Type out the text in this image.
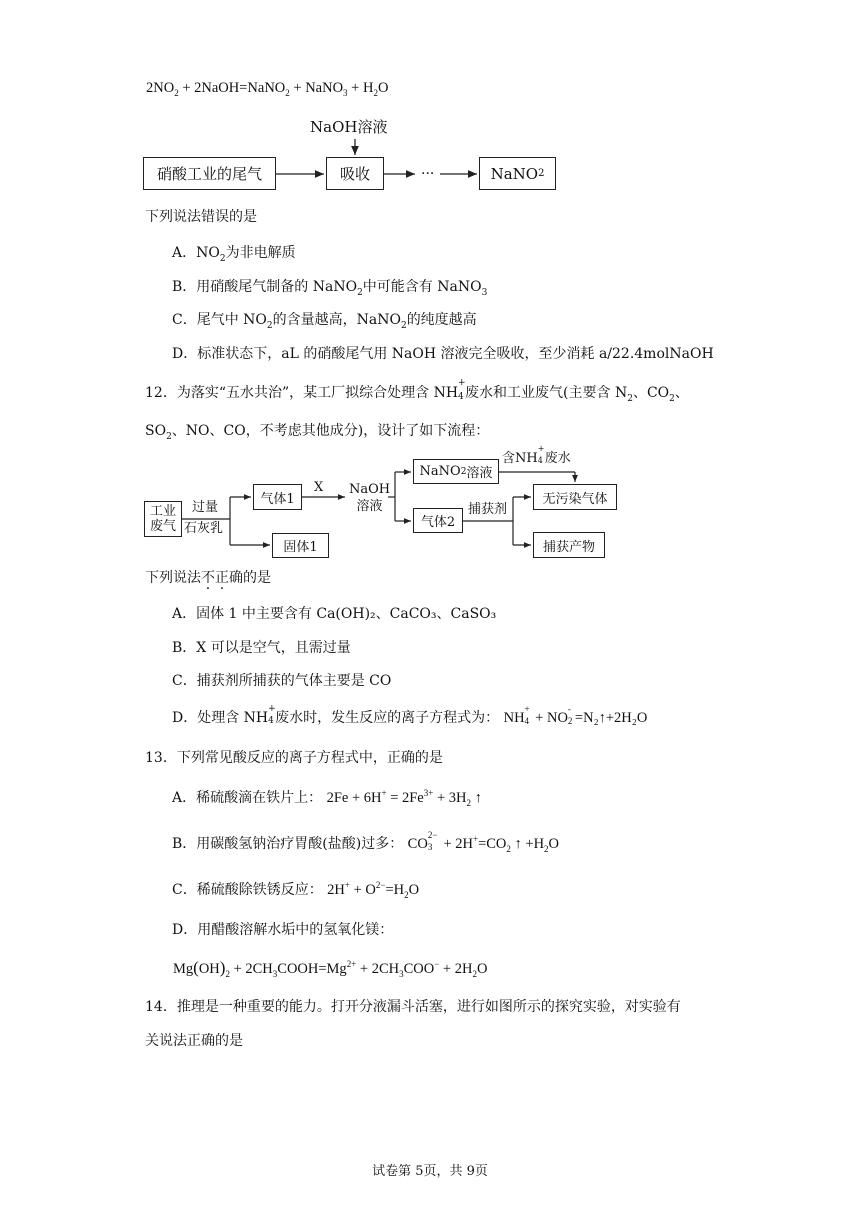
$2NO_2$ + 2NaOH=NaNO$_2$ + NaNO$_3$ + $H_2O$
硝酸工业的尾气
NaOH溶液
吸收	···	NaNO 2
下列说法错误的是
A．$NO_2$为非电解质
B．用硝酸尾气制备的 NaNO$_2$中可能含有 NaNO$_3$
C．尾气中 $NO_2$的含量越高，NaNO$_2$的纯度越高
D．标准状态下，aL 的硝酸尾气用 NaOH 溶液完全吸收，至少消耗 a/22.4molNaOH
12．为落实“五水共治”，某工厂拟综合处理含 NH
+
4 废水和工业废气(主要含 $N_2$、$CO_2$、
$SO_2$、NO、CO，不考虑其他成分)，设计了如下流程：
工业
废气
过量
石灰乳
气体1
固体1
X NaOH
溶液
NaNO 2 溶液
含NH
+
4 废水
气体2
捕获剂
无污染气体
捕获产物
下列说法不正确的是
A．固体 1 中主要含有 Ca(OH)₂、CaCO₃、CaSO₃
B．X 可以是空气，且需过量
C．捕获剂所捕获的气体主要是 CO
D．处理含 NH
+
4 废水时，发生反应的离子方程式为： NH
+
4 + NO
-
2 =N₂↑+2H₂O
13．下列常见酸反应的离子方程式中，正确的是
A．稀硫酸滴在铁片上： $2Fe + 6H^+ = 2Fe^{3+} + 3H_2$ ↑
B．用碳酸氢钠治疗胃酸(盐酸)过多： CO
2−
$3 + 2H^+=CO_2$ ↑ $+H_2O$
C．稀硫酸除铁锈反应： $2H^+ + O^{2-}=H_2O$
D．用醋酸溶解水垢中的氢氧化镁：
$Mg(OH)_2$ + $2CH_3COOH=Mg^{2+} + 2CH_3COO^- + 2H_2O$
14．推理是一种重要的能力。打开分液漏斗活塞，进行如图所示的探究实验，对实验有
关说法正确的是
试卷第 5页，共 9页
